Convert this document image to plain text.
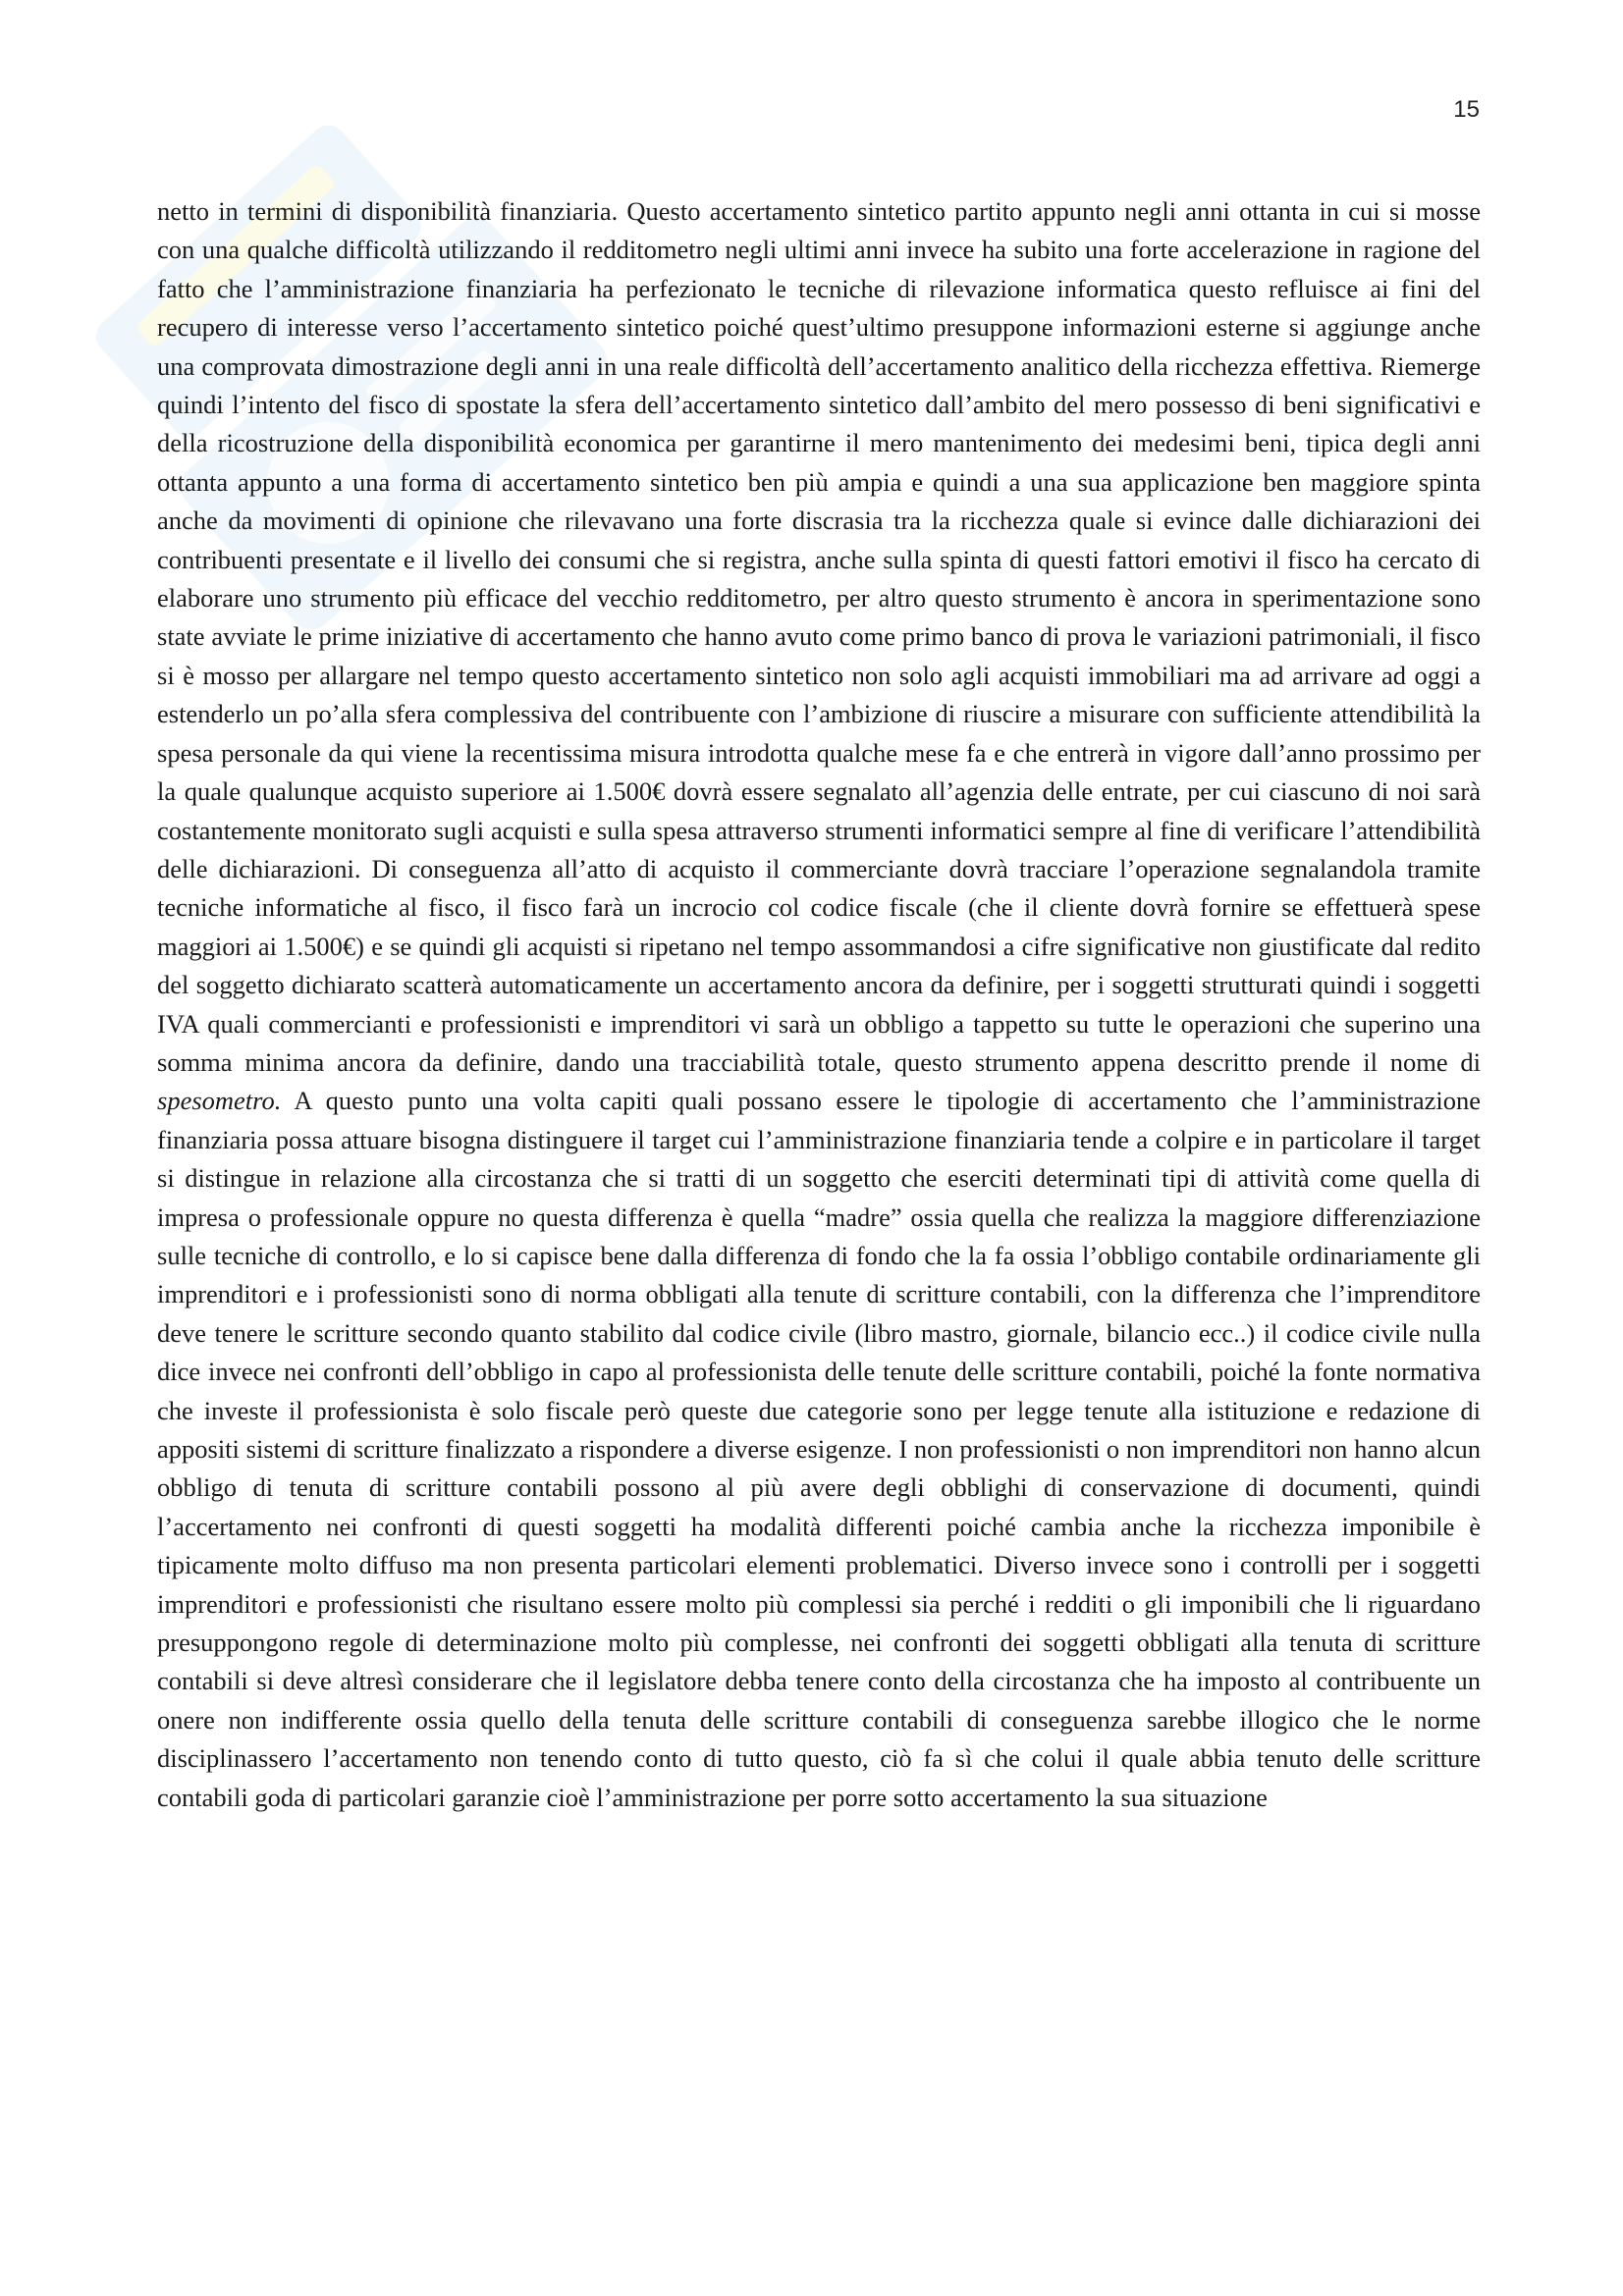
15

netto in termini di disponibilità finanziaria. Questo accertamento sintetico partito appunto negli anni ottanta in cui si mosse con una qualche difficoltà utilizzando il redditometro negli ultimi anni invece ha subito una forte accelerazione in ragione del fatto che l’amministrazione finanziaria ha perfezionato le tecniche di rilevazione informatica questo refluisce ai fini del recupero di interesse verso l’accertamento sintetico poiché quest’ultimo presuppone informazioni esterne si aggiunge anche una comprovata dimostrazione degli anni in una reale difficoltà dell’accertamento analitico della ricchezza effettiva. Riemerge quindi l’intento del fisco di spostate la sfera dell’accertamento sintetico dall’ambito del mero possesso di beni significativi e della ricostruzione della disponibilità economica per garantirne il mero mantenimento dei medesimi beni, tipica degli anni ottanta appunto a una forma di accertamento sintetico ben più ampia e quindi a una sua applicazione ben maggiore spinta anche da movimenti di opinione che rilevavano una forte discrasia tra la ricchezza quale si evince dalle dichiarazioni dei contribuenti presentate e il livello dei consumi che si registra, anche sulla spinta di questi fattori emotivi il fisco ha cercato di elaborare uno strumento più efficace del vecchio redditometro, per altro questo strumento è ancora in sperimentazione sono state avviate le prime iniziative di accertamento che hanno avuto come primo banco di prova le variazioni patrimoniali, il fisco si è mosso per allargare nel tempo questo accertamento sintetico non solo agli acquisti immobiliari ma ad arrivare ad oggi a estenderlo un po’alla sfera complessiva del contribuente con l’ambizione di riuscire a misurare con sufficiente attendibilità la spesa personale da qui viene la recentissima misura introdotta qualche mese fa e che entrerà in vigore dall’anno prossimo per la quale qualunque acquisto superiore ai 1.500€ dovrà essere segnalato all’agenzia delle entrate, per cui ciascuno di noi sarà costantemente monitorato sugli acquisti e sulla spesa attraverso strumenti informatici sempre al fine di verificare l’attendibilità delle dichiarazioni. Di conseguenza all’atto di acquisto il commerciante dovrà tracciare l’operazione segnalandola tramite tecniche informatiche al fisco, il fisco farà un incrocio col codice fiscale (che il cliente dovrà fornire se effettuerà spese maggiori ai 1.500€) e se quindi gli acquisti si ripetano nel tempo assommandosi a cifre significative non giustificate dal redito del soggetto dichiarato scatterà automaticamente un accertamento ancora da definire, per i soggetti strutturati quindi i soggetti IVA quali commercianti e professionisti e imprenditori vi sarà un obbligo a tappetto su tutte le operazioni che superino una somma minima ancora da definire, dando una tracciabilità totale, questo strumento appena descritto prende il nome di spesometro. A questo punto una volta capiti quali possano essere le tipologie di accertamento che l’amministrazione finanziaria possa attuare bisogna distinguere il target cui l’amministrazione finanziaria tende a colpire e in particolare il target si distingue in relazione alla circostanza che si tratti di un soggetto che eserciti determinati tipi di attività come quella di impresa o professionale oppure no questa differenza è quella “madre” ossia quella che realizza la maggiore differenziazione sulle tecniche di controllo, e lo si capisce bene dalla differenza di fondo che la fa ossia l’obbligo contabile ordinariamente gli imprenditori e i professionisti sono di norma obbligati alla tenute di scritture contabili, con la differenza che l’imprenditore deve tenere le scritture secondo quanto stabilito dal codice civile (libro mastro, giornale, bilancio ecc..) il codice civile nulla dice invece nei confronti dell’obbligo in capo al professionista delle tenute delle scritture contabili, poiché la fonte normativa che investe il professionista è solo fiscale però queste due categorie sono per legge tenute alla istituzione e redazione di appositi sistemi di scritture finalizzato a rispondere a diverse esigenze. I non professionisti o non imprenditori non hanno alcun obbligo di tenuta di scritture contabili possono al più avere degli obblighi di conservazione di documenti, quindi l’accertamento nei confronti di questi soggetti ha modalità differenti poiché cambia anche la ricchezza imponibile è tipicamente molto diffuso ma non presenta particolari elementi problematici. Diverso invece sono i controlli per i soggetti imprenditori e professionisti che risultano essere molto più complessi sia perché i redditi o gli imponibili che li riguardano presuppongono regole di determinazione molto più complesse, nei confronti dei soggetti obbligati alla tenuta di scritture contabili si deve altresì considerare che il legislatore debba tenere conto della circostanza che ha imposto al contribuente un onere non indifferente ossia quello della tenuta delle scritture contabili di conseguenza sarebbe illogico che le norme disciplinassero l’accertamento non tenendo conto di tutto questo, ciò fa sì che colui il quale abbia tenuto delle scritture contabili goda di particolari garanzie cioè l’amministrazione per porre sotto accertamento la sua situazione
